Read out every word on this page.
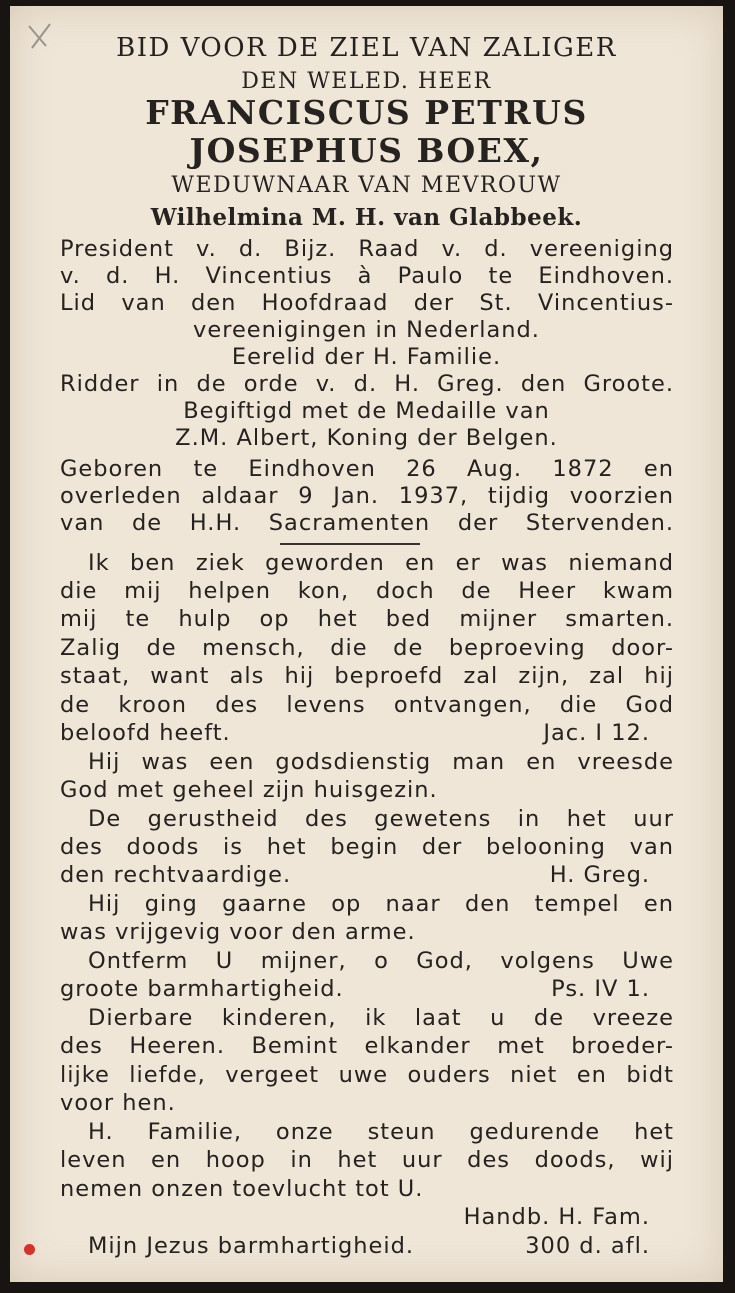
BID VOOR DE ZIEL VAN ZALIGER
DEN WELED. HEER
FRANCISCUS PETRUS
JOSEPHUS BOEX,
WEDUWNAAR VAN MEVROUW
Wilhelmina M. H. van Glabbeek.
President v. d. Bijz. Raad v. d. vereeniging
v. d. H. Vincentius à Paulo te Eindhoven.
Lid van den Hoofdraad der St. Vincentius-
vereenigingen in Nederland.
Eerelid der H. Familie.
Ridder in de orde v. d. H. Greg. den Groote.
Begiftigd met de Medaille van
Z.M. Albert, Koning der Belgen.
Geboren te Eindhoven 26 Aug. 1872 en
overleden aldaar 9 Jan. 1937, tijdig voorzien
van de H.H. Sacramenten der Stervenden.
Ik ben ziek geworden en er was niemand
die mij helpen kon, doch de Heer kwam
mij te hulp op het bed mijner smarten.
Zalig de mensch, die de beproeving door-
staat, want als hij beproefd zal zijn, zal hij
de kroon des levens ontvangen, die God
beloofd heeft.	Jac. I 12.
Hij was een godsdienstig man en vreesde
God met geheel zijn huisgezin.
De gerustheid des gewetens in het uur
des doods is het begin der belooning van
den rechtvaardige.	H. Greg.
Hij ging gaarne op naar den tempel en
was vrijgevig voor den arme.
Ontferm U mijner, o God, volgens Uwe
groote barmhartigheid.	Ps. IV 1.
Dierbare kinderen, ik laat u de vreeze
des Heeren. Bemint elkander met broeder-
lijke liefde, vergeet uwe ouders niet en bidt
voor hen.
H. Familie, onze steun gedurende het
leven en hoop in het uur des doods, wij
nemen onzen toevlucht tot U.
Handb. H. Fam.
Mijn Jezus barmhartigheid.	300 d. afl.
